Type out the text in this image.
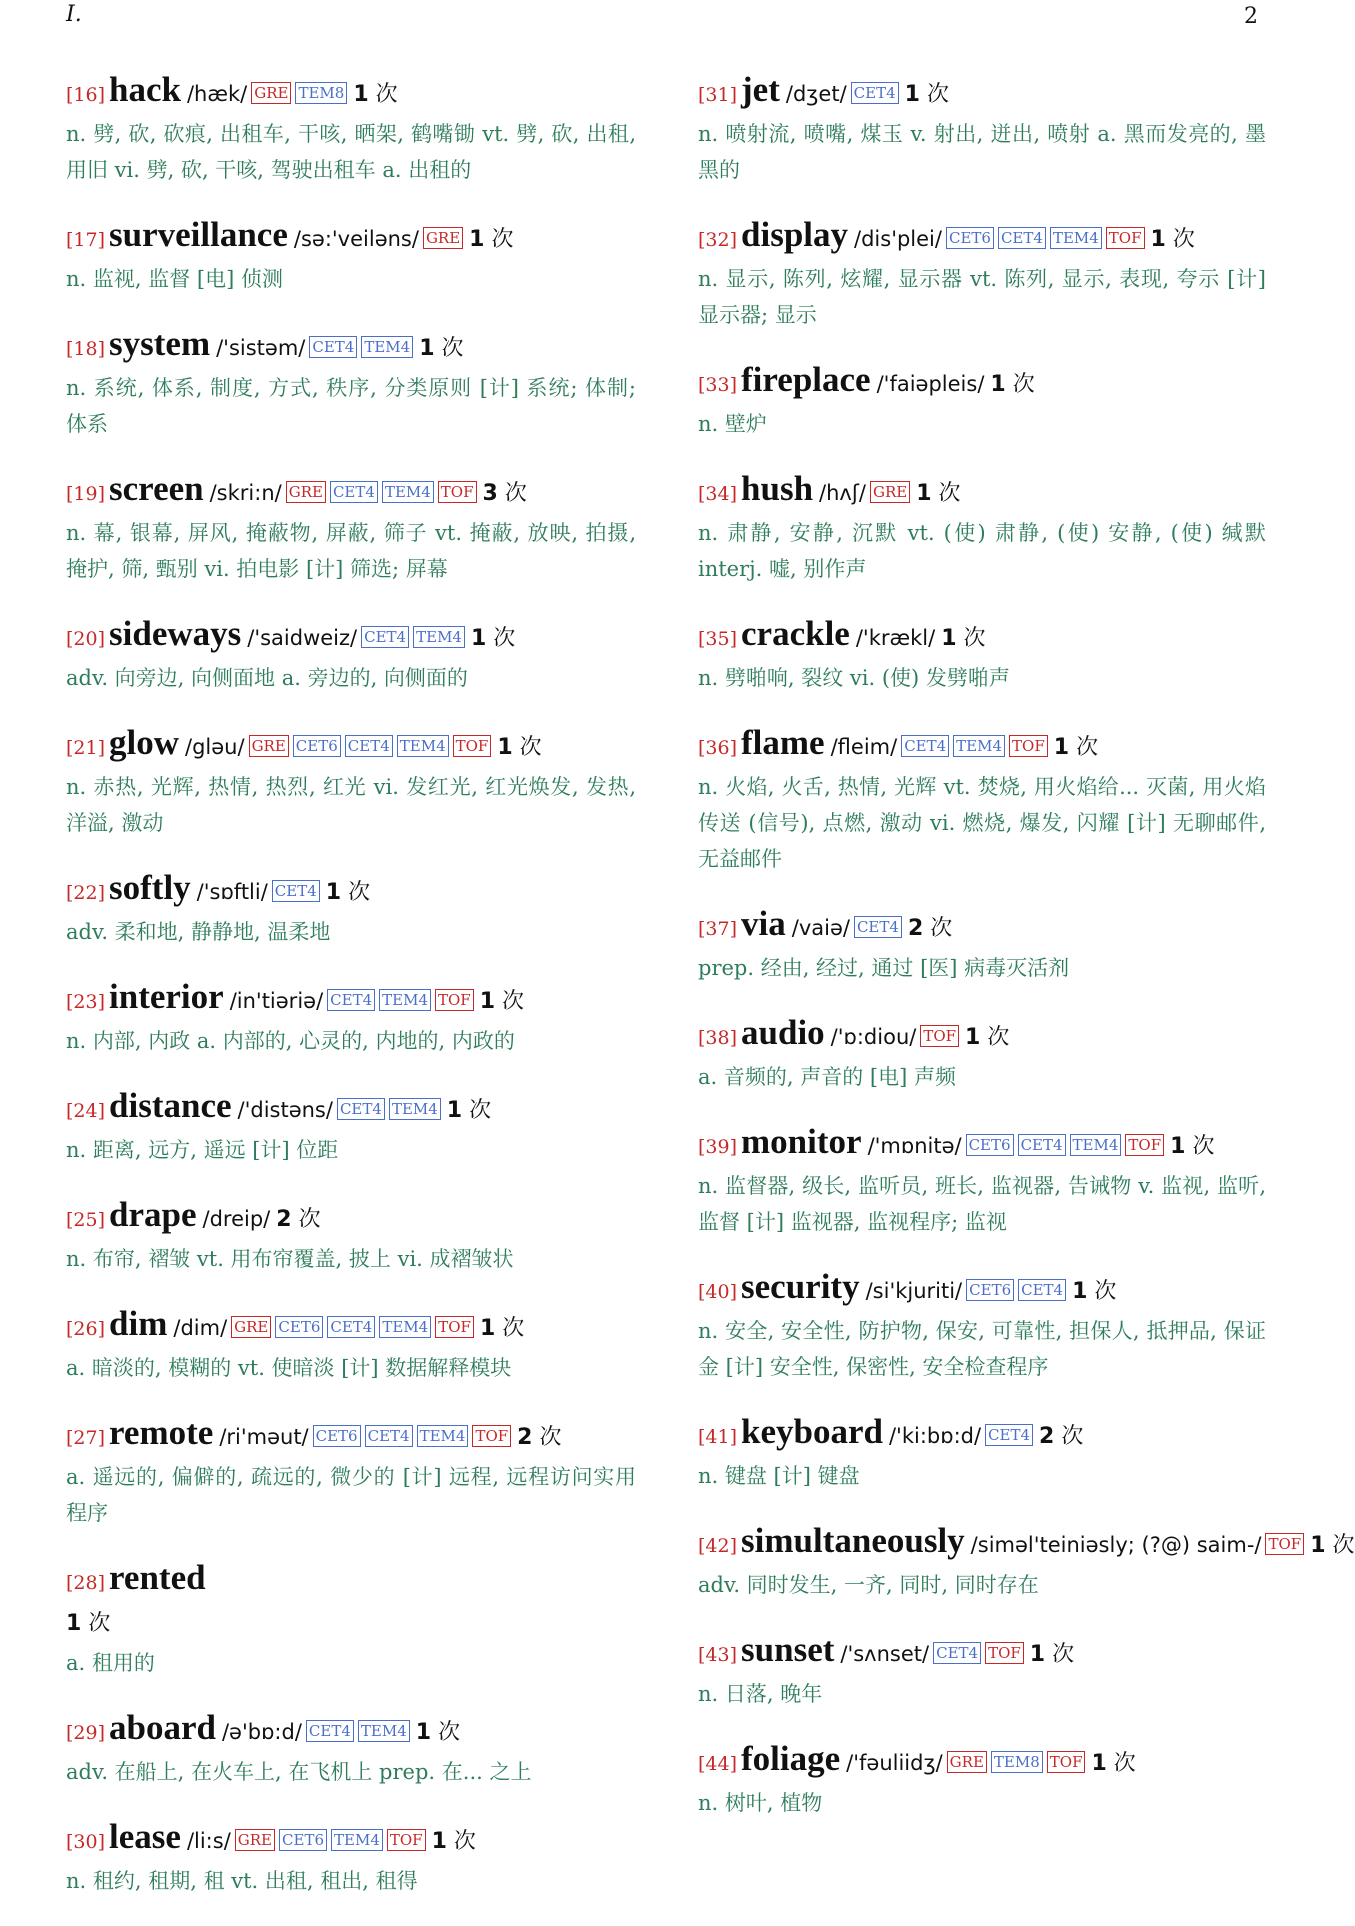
I.	2
[16] hack /hæk/ GRE TEM8 1 次
n. 劈, 砍, 砍痕, 出租车, 干咳, 晒架, 鹤嘴锄 vt. 劈, 砍, 出租, 用旧 vi. 劈, 砍, 干咳, 驾驶出租车 a. 出租的
[17] surveillance /sə:'veiləns/ GRE 1 次
n. 监视, 监督 [电] 侦测
[18] system /'sistəm/ CET4 TEM4 1 次
n. 系统, 体系, 制度, 方式, 秩序, 分类原则 [计] 系统; 体制; 体系
[19] screen /skri:n/ GRE CET4 TEM4 TOF 3 次
n. 幕, 银幕, 屏风, 掩蔽物, 屏蔽, 筛子 vt. 掩蔽, 放映, 拍摄, 掩护, 筛, 甄别 vi. 拍电影 [计] 筛选; 屏幕
[20] sideways /'saidweiz/ CET4 TEM4 1 次
adv. 向旁边, 向侧面地 a. 旁边的, 向侧面的
[21] glow /gləu/ GRE CET6 CET4 TEM4 TOF 1 次
n. 赤热, 光辉, 热情, 热烈, 红光 vi. 发红光, 红光焕发, 发热, 洋溢, 激动
[22] softly /'sɒftli/ CET4 1 次
adv. 柔和地, 静静地, 温柔地
[23] interior /in'tiəriə/ CET4 TEM4 TOF 1 次
n. 内部, 内政 a. 内部的, 心灵的, 内地的, 内政的
[24] distance /'distəns/ CET4 TEM4 1 次
n. 距离, 远方, 遥远 [计] 位距
[25] drape /dreip/ 2 次
n. 布帘, 褶皱 vt. 用布帘覆盖, 披上 vi. 成褶皱状
[26] dim /dim/ GRE CET6 CET4 TEM4 TOF 1 次
a. 暗淡的, 模糊的 vt. 使暗淡 [计] 数据解释模块
[27] remote /ri'məut/ CET6 CET4 TEM4 TOF 2 次
a. 遥远的, 偏僻的, 疏远的, 微少的 [计] 远程, 远程访问实用程序
[28] rented
1 次
a. 租用的
[29] aboard /ə'bɒ:d/ CET4 TEM4 1 次
adv. 在船上, 在火车上, 在飞机上 prep. 在... 之上
[30] lease /li:s/ GRE CET6 TEM4 TOF 1 次
n. 租约, 租期, 租 vt. 出租, 租出, 租得
[31] jet /dʒet/ CET4 1 次
n. 喷射流, 喷嘴, 煤玉 v. 射出, 迸出, 喷射 a. 黑而发亮的, 墨黑的
[32] display /dis'plei/ CET6 CET4 TEM4 TOF 1 次
n. 显示, 陈列, 炫耀, 显示器 vt. 陈列, 显示, 表现, 夸示 [计] 显示器; 显示
[33] fireplace /'faiəpleis/ 1 次
n. 壁炉
[34] hush /hʌʃ/ GRE 1 次
n. 肃静, 安静, 沉默 vt. (使) 肃静, (使) 安静, (使) 缄默 interj. 嘘, 别作声
[35] crackle /'krækl/ 1 次
n. 劈啪响, 裂纹 vi. (使) 发劈啪声
[36] flame /fleim/ CET4 TEM4 TOF 1 次
n. 火焰, 火舌, 热情, 光辉 vt. 焚烧, 用火焰给... 灭菌, 用火焰传送 (信号), 点燃, 激动 vi. 燃烧, 爆发, 闪耀 [计] 无聊邮件, 无益邮件
[37] via /vaiə/ CET4 2 次
prep. 经由, 经过, 通过 [医] 病毒灭活剂
[38] audio /'ɒ:diou/ TOF 1 次
a. 音频的, 声音的 [电] 声频
[39] monitor /'mɒnitə/ CET6 CET4 TEM4 TOF 1 次
n. 监督器, 级长, 监听员, 班长, 监视器, 告诫物 v. 监视, 监听, 监督 [计] 监视器, 监视程序; 监视
[40] security /si'kjuriti/ CET6 CET4 1 次
n. 安全, 安全性, 防护物, 保安, 可靠性, 担保人, 抵押品, 保证金 [计] 安全性, 保密性, 安全检查程序
[41] keyboard /'ki:bɒ:d/ CET4 2 次
n. 键盘 [计] 键盘
[42] simultaneously /siməl'teiniəsly; (?@) saim-/ TOF 1 次
adv. 同时发生, 一齐, 同时, 同时存在
[43] sunset /'sʌnset/ CET4 TOF 1 次
n. 日落, 晚年
[44] foliage /'fəuliidʒ/ GRE TEM8 TOF 1 次
n. 树叶, 植物
